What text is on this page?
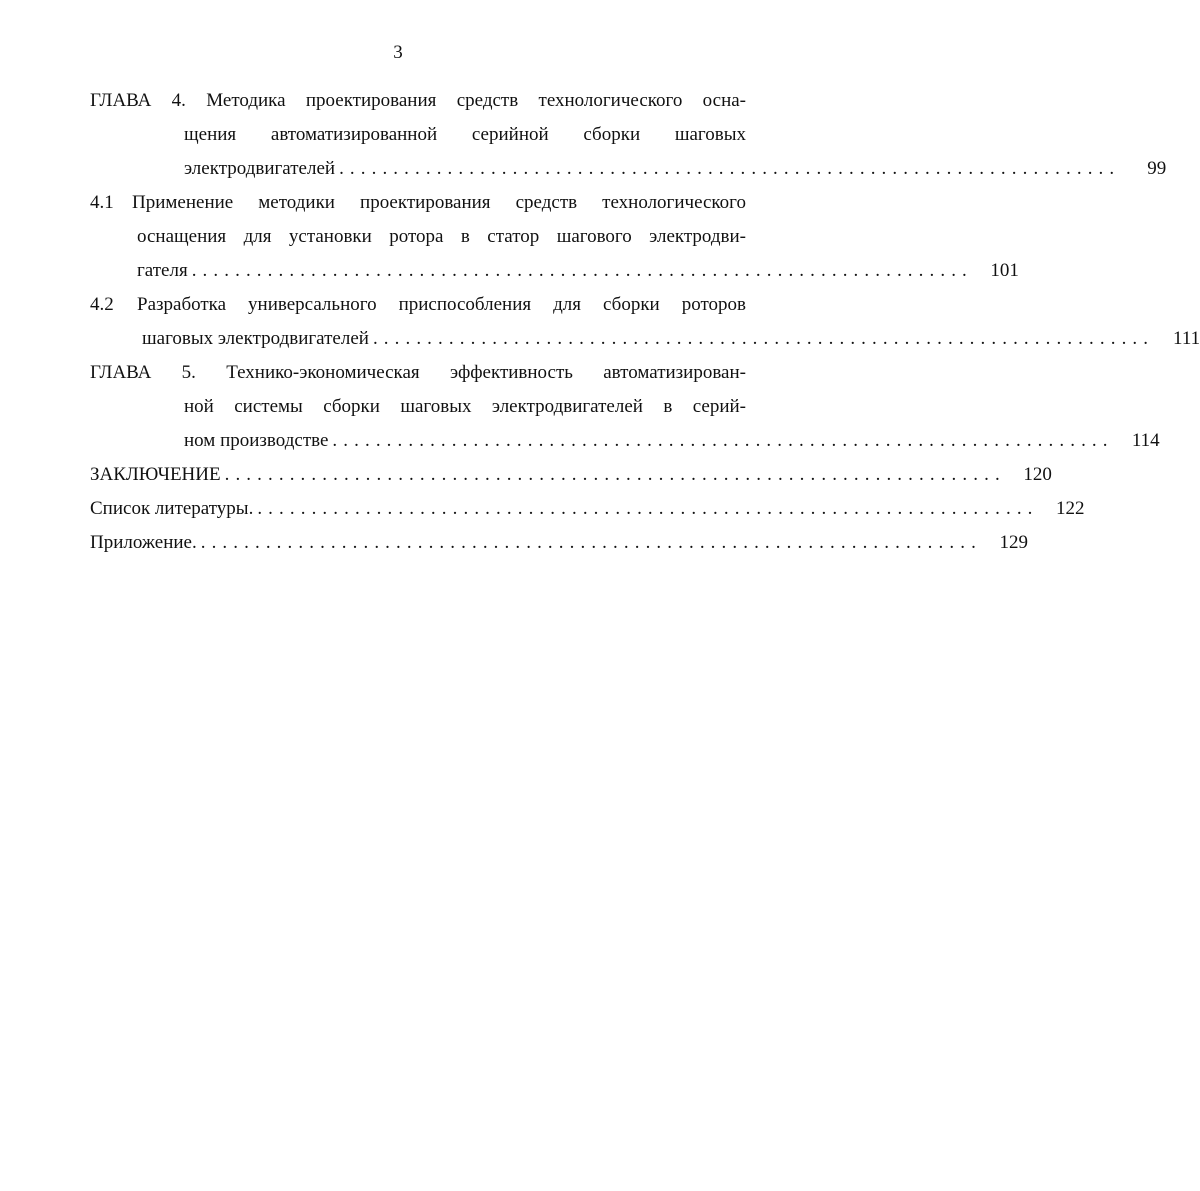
3
ГЛАВА 4. Методика проектирования средств технологического осна-
щения автоматизированной серийной сборки шаговых
электродвигателей ........................................................................	99
4.1 Применение методики проектирования средств технологического
оснащения для установки ротора в статор шагового электродви-
гателя ........................................................................ 101
4.2	Разработка универсального приспособления для сборки роторов
шаговых электродвигателей ........................................................................ 111
ГЛАВА 5. Технико-экономическая эффективность автоматизирован-
ной системы сборки шаговых электродвигателей в серий-
ном производстве ........................................................................ 114
ЗАКЛЮЧЕНИЕ ........................................................................ 120
Список литературы. ........................................................................ 122
Приложение. ........................................................................ 129
